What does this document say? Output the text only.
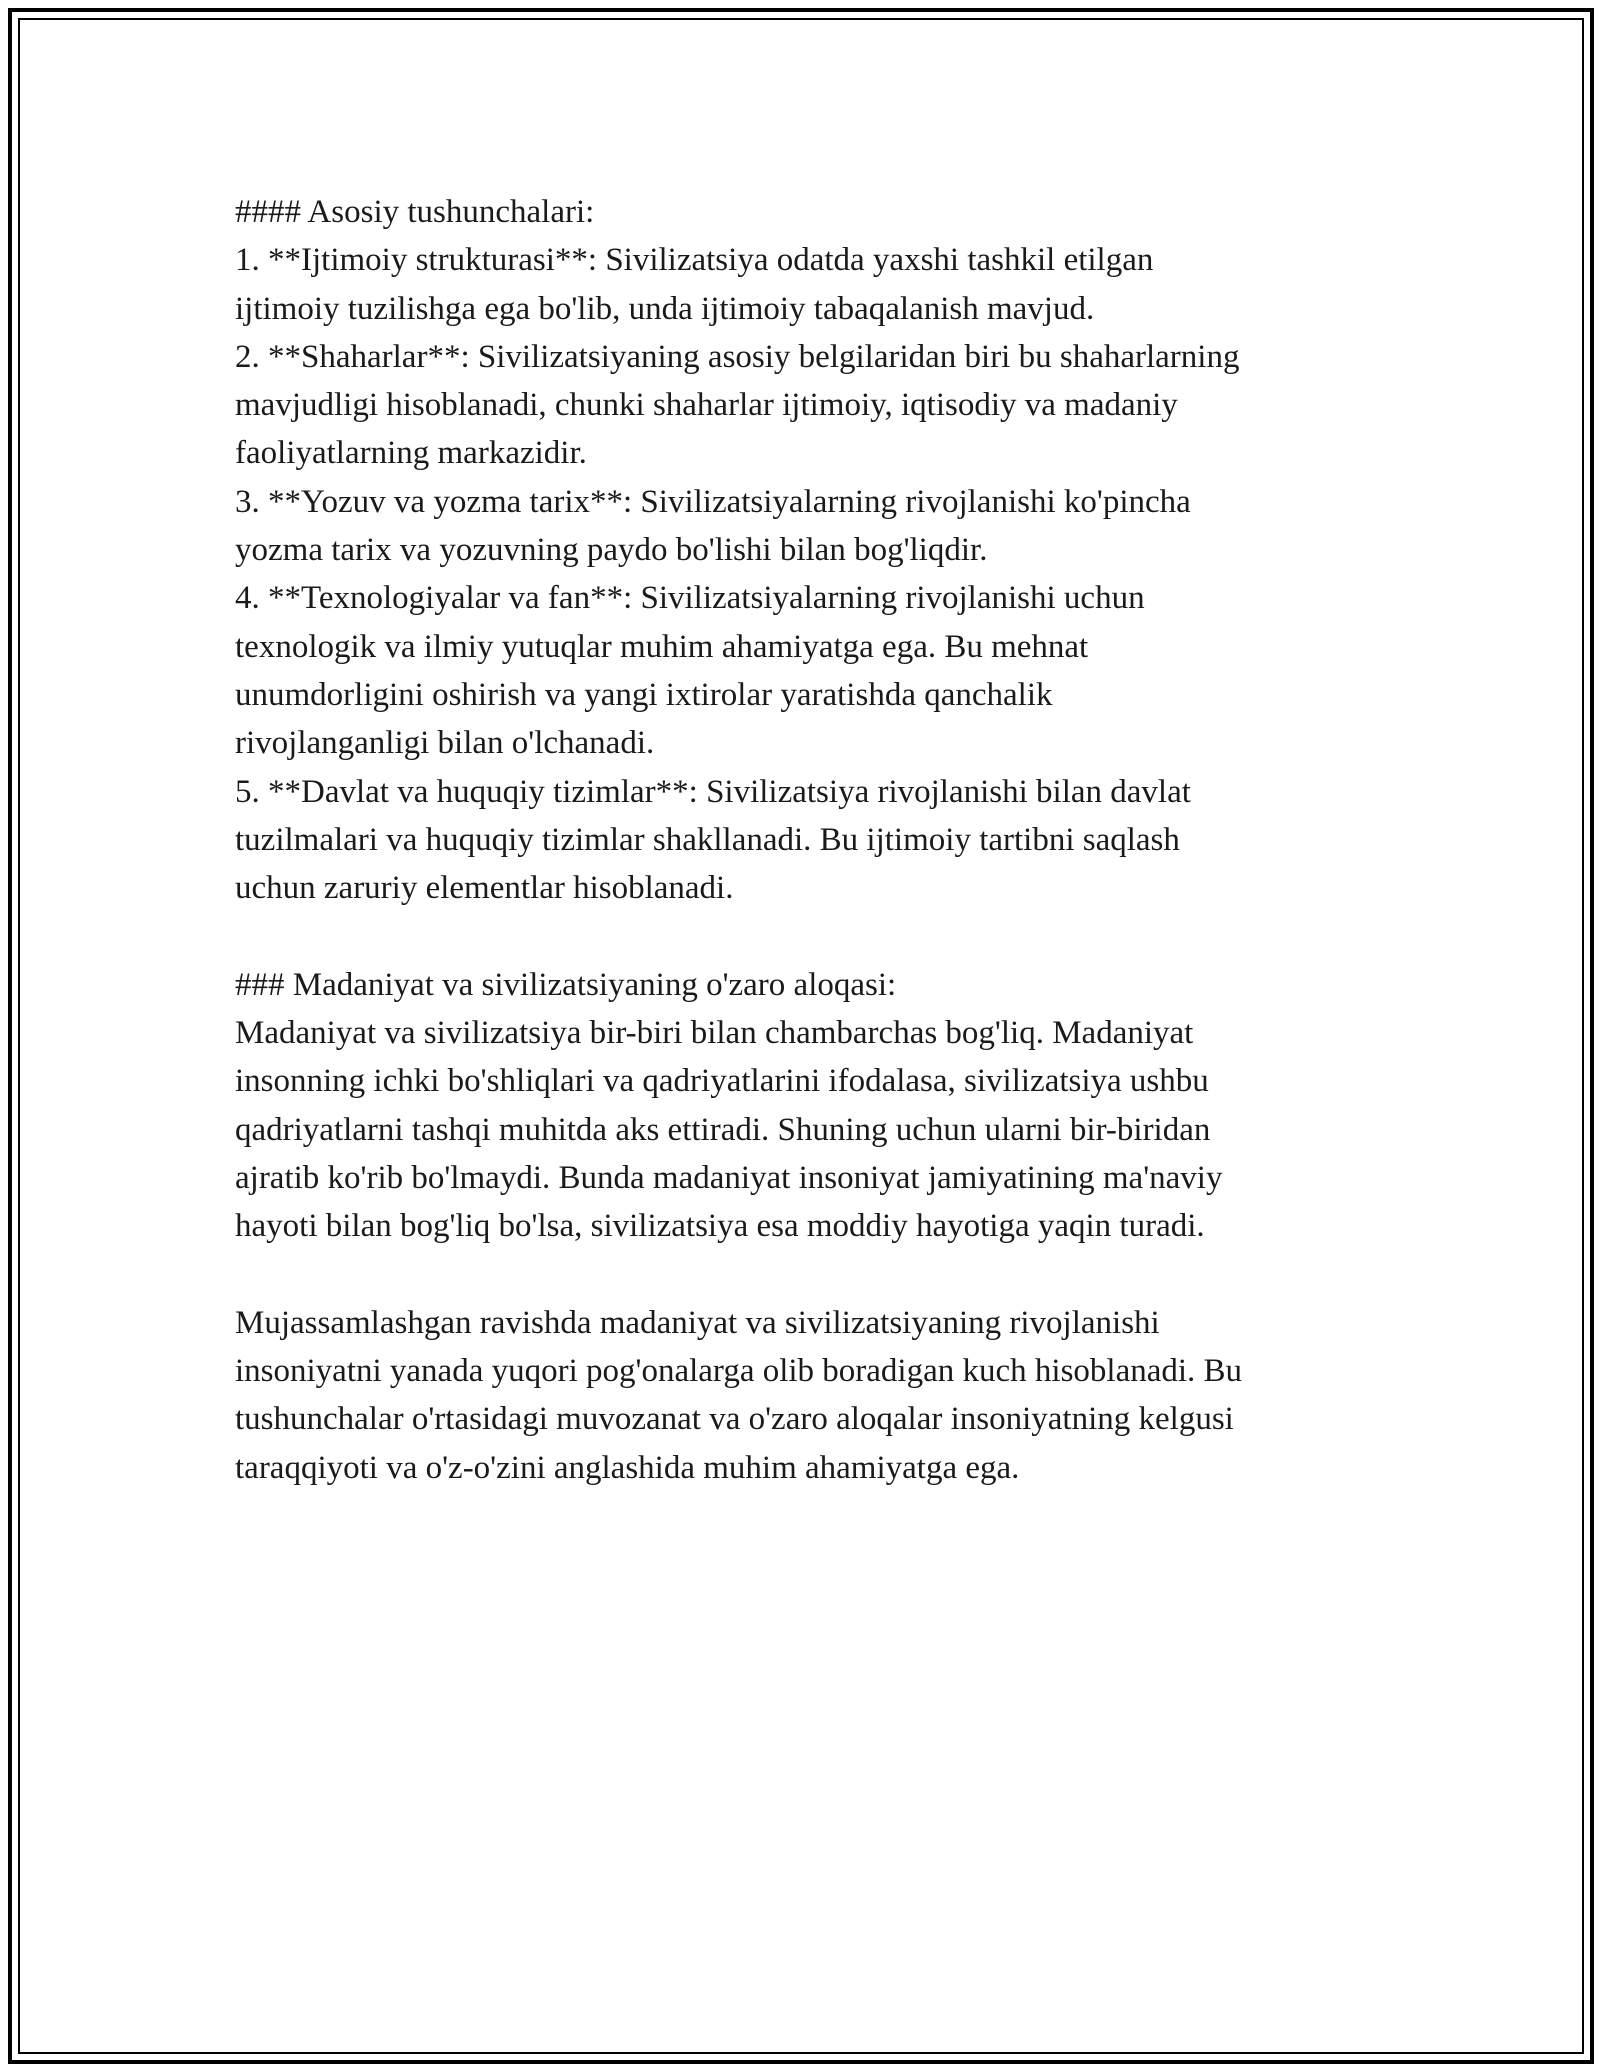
#### Asosiy tushunchalari:
1. **Ijtimoiy strukturasi**: Sivilizatsiya odatda yaxshi tashkil etilgan
ijtimoiy tuzilishga ega bo'lib, unda ijtimoiy tabaqalanish mavjud.
2. **Shaharlar**: Sivilizatsiyaning asosiy belgilaridan biri bu shaharlarning
mavjudligi hisoblanadi, chunki shaharlar ijtimoiy, iqtisodiy va madaniy
faoliyatlarning markazidir.
3. **Yozuv va yozma tarix**: Sivilizatsiyalarning rivojlanishi ko'pincha
yozma tarix va yozuvning paydo bo'lishi bilan bog'liqdir.
4. **Texnologiyalar va fan**: Sivilizatsiyalarning rivojlanishi uchun
texnologik va ilmiy yutuqlar muhim ahamiyatga ega. Bu mehnat
unumdorligini oshirish va yangi ixtirolar yaratishda qanchalik
rivojlanganligi bilan o'lchanadi.
5. **Davlat va huquqiy tizimlar**: Sivilizatsiya rivojlanishi bilan davlat
tuzilmalari va huquqiy tizimlar shakllanadi. Bu ijtimoiy tartibni saqlash
uchun zaruriy elementlar hisoblanadi.
### Madaniyat va sivilizatsiyaning o'zaro aloqasi:
Madaniyat va sivilizatsiya bir-biri bilan chambarchas bog'liq. Madaniyat
insonning ichki bo'shliqlari va qadriyatlarini ifodalasa, sivilizatsiya ushbu
qadriyatlarni tashqi muhitda aks ettiradi. Shuning uchun ularni bir-biridan
ajratib ko'rib bo'lmaydi. Bunda madaniyat insoniyat jamiyatining ma'naviy
hayoti bilan bog'liq bo'lsa, sivilizatsiya esa moddiy hayotiga yaqin turadi.
Mujassamlashgan ravishda madaniyat va sivilizatsiyaning rivojlanishi
insoniyatni yanada yuqori pog'onalarga olib boradigan kuch hisoblanadi. Bu
tushunchalar o'rtasidagi muvozanat va o'zaro aloqalar insoniyatning kelgusi
taraqqiyoti va o'z-o'zini anglashida muhim ahamiyatga ega.
